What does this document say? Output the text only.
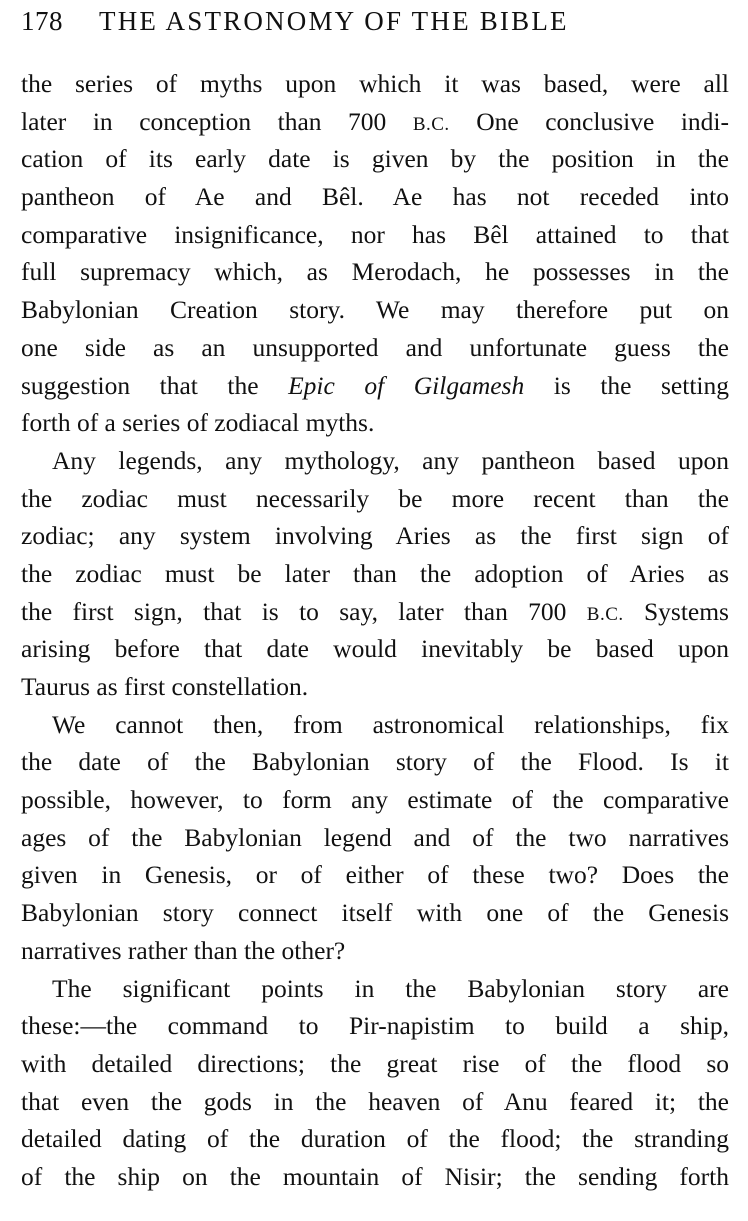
178 THE ASTRONOMY OF THE BIBLE
the series of myths upon which it was based, were all
later in conception than 700 B.C. One conclusive indi-
cation of its early date is given by the position in the
pantheon of Ae and Bêl. Ae has not receded into
comparative insignificance, nor has Bêl attained to that
full supremacy which, as Merodach, he possesses in the
Babylonian Creation story. We may therefore put on
one side as an unsupported and unfortunate guess the
suggestion that the Epic of Gilgamesh is the setting
forth of a series of zodiacal myths.
Any legends, any mythology, any pantheon based upon
the zodiac must necessarily be more recent than the
zodiac; any system involving Aries as the first sign of
the zodiac must be later than the adoption of Aries as
the first sign, that is to say, later than 700 B.C. Systems
arising before that date would inevitably be based upon
Taurus as first constellation.
We cannot then, from astronomical relationships, fix
the date of the Babylonian story of the Flood. Is it
possible, however, to form any estimate of the comparative
ages of the Babylonian legend and of the two narratives
given in Genesis, or of either of these two? Does the
Babylonian story connect itself with one of the Genesis
narratives rather than the other?
The significant points in the Babylonian story are
these:—the command to Pir-napistim to build a ship,
with detailed directions; the great rise of the flood so
that even the gods in the heaven of Anu feared it; the
detailed dating of the duration of the flood; the stranding
of the ship on the mountain of Nisir; the sending forth
